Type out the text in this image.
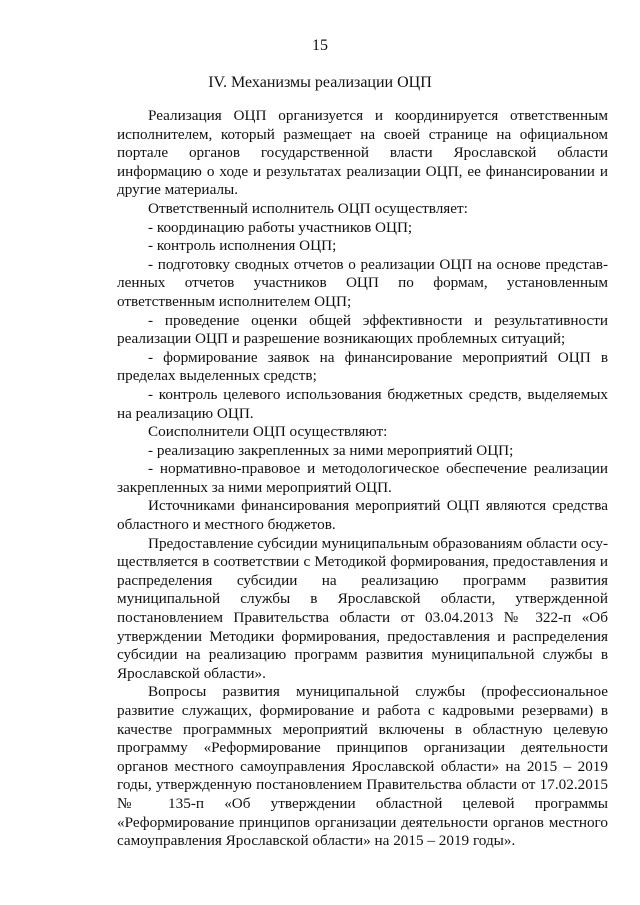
15
IV. Механизмы реализации ОЦП

Реализация ОЦП организуется и координируется ответственным исполнителем, который размещает на своей странице на официальном портале органов государственной власти Ярославской области информацию о ходе и результатах реализации ОЦП, ее финансировании и другие материалы.

Ответственный исполнитель ОЦП осуществляет:

- координацию работы участников ОЦП;

- контроль исполнения ОЦП;

- подготовку сводных отчетов о реализации ОЦП на основе представленных отчетов участников ОЦП по формам, установленным ответственным исполнителем ОЦП;

- проведение оценки общей эффективности и результативности реализации ОЦП и разрешение возникающих проблемных ситуаций;

- формирование заявок на финансирование мероприятий ОЦП в пределах выделенных средств;

- контроль целевого использования бюджетных средств, выделяемых на реализацию ОЦП.

Соисполнители ОЦП осуществляют:

- реализацию закрепленных за ними мероприятий ОЦП;

- нормативно-правовое и методологическое обеспечение реализации закрепленных за ними мероприятий ОЦП.

Источниками финансирования мероприятий ОЦП являются средства областного и местного бюджетов.

Предоставление субсидии муниципальным образованиям области осуществляется в соответствии с Методикой формирования, предоставления и распределения субсидии на реализацию программ развития муниципальной службы в Ярославской области, утвержденной постановлением Правительства области от 03.04.2013 № 322-п «Об утверждении Методики формирования, предоставления и распределения субсидии на реализацию программ развития муниципальной службы в Ярославской области».

Вопросы развития муниципальной службы (профессиональное развитие служащих, формирование и работа с кадровыми резервами) в качестве программных мероприятий включены в областную целевую программу «Реформирование принципов организации деятельности органов местного самоуправления Ярославской области» на 2015 – 2019 годы, утвержденную постановлением Правительства области от 17.02.2015 № 135-п «Об утверждении областной целевой программы «Реформирование принципов организации деятельности органов местного самоуправления Ярославской области» на 2015 – 2019 годы».
